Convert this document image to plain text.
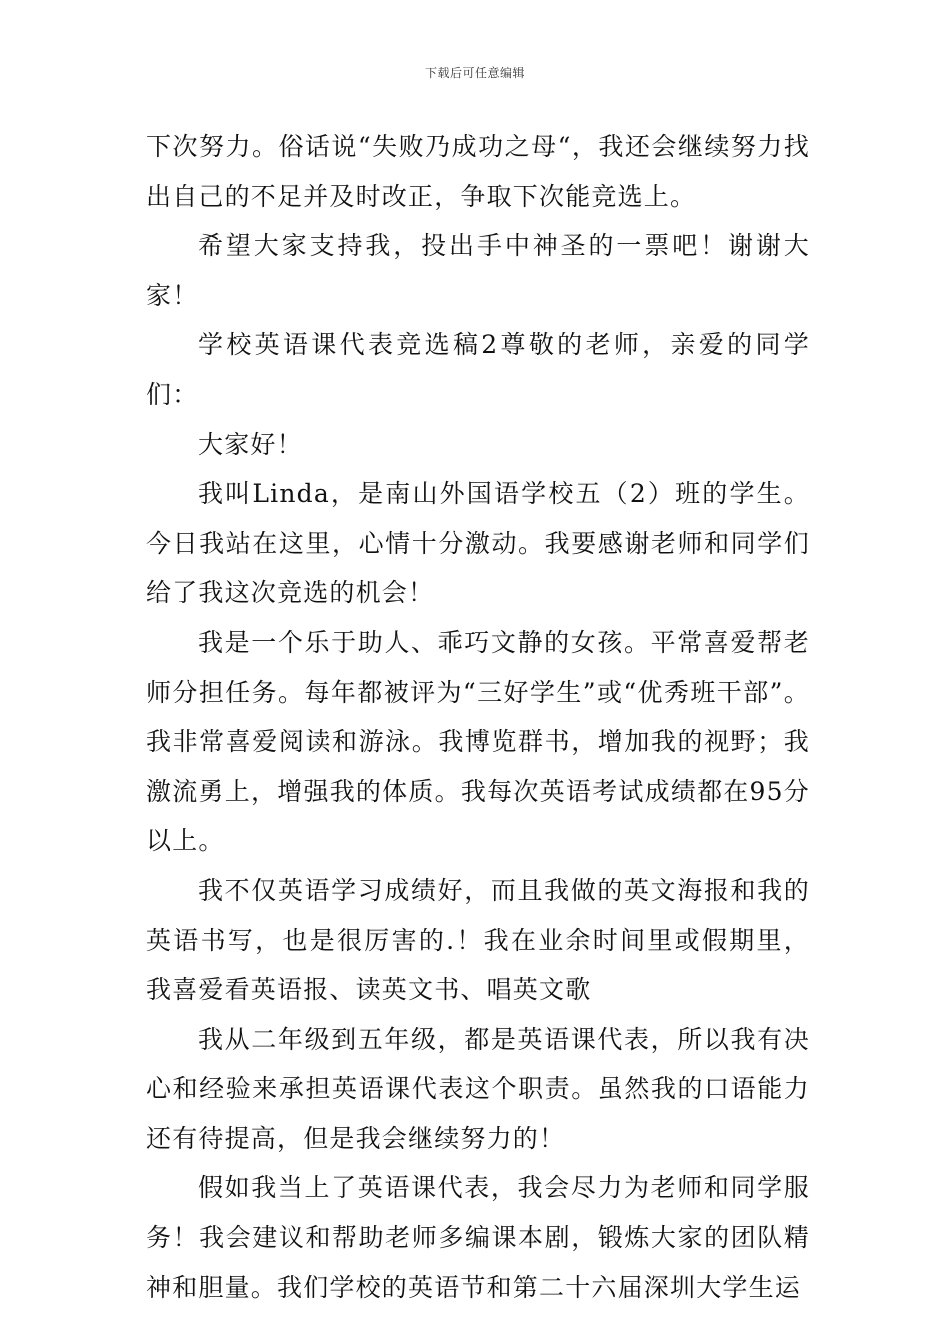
下载后可任意编辑

下次努力。俗话说“失败乃成功之母“，我还会继续努力找出自己的不足并及时改正，争取下次能竞选上。

希望大家支持我，投出手中神圣的一票吧！谢谢大家！

学校英语课代表竞选稿2尊敬的老师，亲爱的同学们：

大家好！

我叫Linda，是南山外国语学校五（2）班的学生。今日我站在这里，心情十分激动。我要感谢老师和同学们给了我这次竞选的机会！

我是一个乐于助人、乖巧文静的女孩。平常喜爱帮老师分担任务。每年都被评为“三好学生”或“优秀班干部”。我非常喜爱阅读和游泳。我博览群书，增加我的视野；我激流勇上，增强我的体质。我每次英语考试成绩都在95分以上。

我不仅英语学习成绩好，而且我做的英文海报和我的英语书写，也是很厉害的.！我在业余时间里或假期里，我喜爱看英语报、读英文书、唱英文歌

我从二年级到五年级，都是英语课代表，所以我有决心和经验来承担英语课代表这个职责。虽然我的口语能力还有待提高，但是我会继续努力的！

假如我当上了英语课代表，我会尽力为老师和同学服务！我会建议和帮助老师多编课本剧，锻炼大家的团队精神和胆量。我们学校的英语节和第二十六届深圳大学生运
